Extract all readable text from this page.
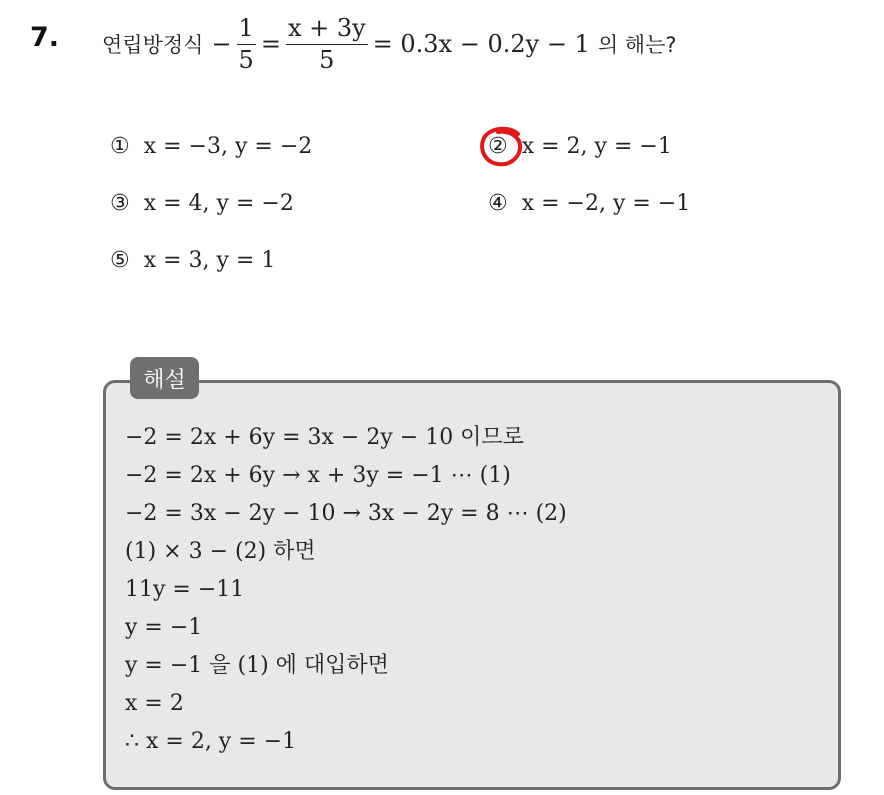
7. 연립방정식 − $\frac{1}{5} = \frac{x + 3y}{5} = 0.3x - 0.2y - 1$ 의 해는?
① x = −3, y = −2	② x = 2, y = −1
③ x = 4, y = −2	④ x = −2, y = −1
⑤ x = 3, y = 1
해설
−2 = 2x + 6y = 3x − 2y − 10 이므로
−2 = 2x + 6y → x + 3y = −1 ⋯ (1)
−2 = 3x − 2y − 10 → 3x − 2y = 8 ⋯ (2)
(1) × 3 − (2) 하면
11y = −11
y = −1
y = −1 을 (1) 에 대입하면
x = 2
∴ x = 2, y = −1
